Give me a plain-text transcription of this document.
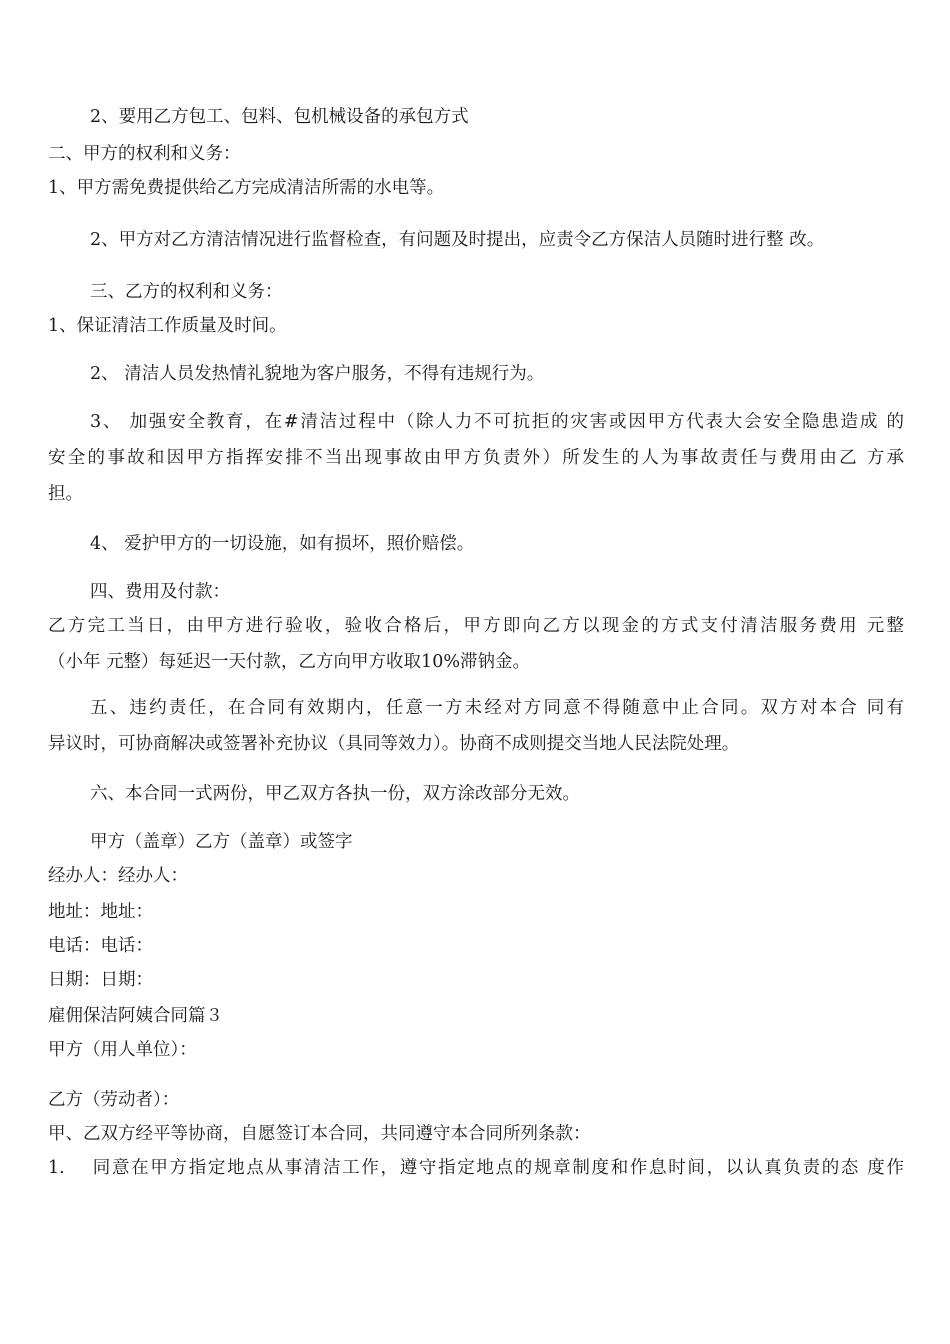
2、要用乙方包工、包料、包机械设备的承包方式

二、甲方的权利和义务：

1、甲方需免费提供给乙方完成清洁所需的水电等。

2、甲方对乙方清洁情况进行监督检查，有问题及时提出，应责令乙方保洁人员随时进行整 改。

三、乙方的权利和义务：

1、保证清洁工作质量及时间。

2、 清洁人员发热情礼貌地为客户服务，不得有违规行为。

3、 加强安全教育，在#清洁过程中（除人力不可抗拒的灾害或因甲方代表大会安全隐患造成 的

安全的事故和因甲方指挥安排不当出现事故由甲方负责外）所发生的人为事故责任与费用由乙 方承

担。

4、 爱护甲方的一切设施，如有损坏，照价赔偿。

四、费用及付款：

乙方完工当日，由甲方进行验收，验收合格后，甲方即向乙方以现金的方式支付清洁服务费用 元整

（小年 元整）每延迟一天付款，乙方向甲方收取10%滞钠金。

五、违约责任，在合同有效期内，任意一方未经对方同意不得随意中止合同。双方对本合 同有

异议时，可协商解决或签署补充协议（具同等效力）。协商不成则提交当地人民法院处理。

六、本合同一式两份，甲乙双方各执一份，双方涂改部分无效。

甲方（盖章）乙方（盖章）或签字

经办人：经办人：

地址：地址：

电话：电话：

日期：日期：

雇佣保洁阿姨合同篇３

甲方（用人单位）：

乙方（劳动者）：

甲、乙双方经平等协商，自愿签订本合同，共同遵守本合同所列条款：

1.　 同意在甲方指定地点从事清洁工作，遵守指定地点的规章制度和作息时间，以认真负责的态 度作
